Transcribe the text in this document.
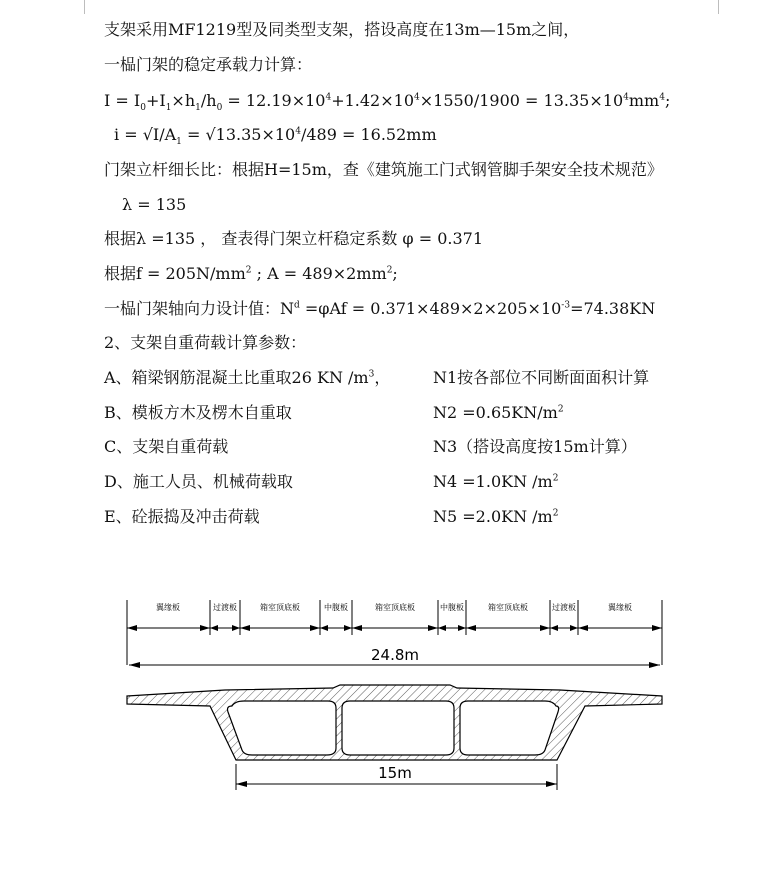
支架采用MF1219型及同类型支架，搭设高度在13m—15m之间，
一榀门架的稳定承载力计算：
$I = I_0+I_1\times h_1/h_0 = 12.19\times 10^4+1.42\times 10^4\times 1550/1900 = 13.35\times 10^4mm^4$;
$i = √I/A_1 = √13.35\times 10^4/489 = 16.52mm$
门架立杆细长比：根据H=15m，查《建筑施工门式钢管脚手架安全技术规范》
λ = 135
根据λ =135 ， 查表得门架立杆稳定系数 φ = 0.371
根据$f = 205N/mm^2$ ; $A = 489\times 2mm^2$;
一榀门架轴向力设计值：$N^d =\varphi Af = 0.371\times 489\times 2\times 205\times 10^{-3}=74.38KN$
2、支架自重荷载计算参数：
A、箱梁钢筋混凝土比重取26 KN $/m^3$，	N1按各部位不同断面面积计算
B、模板方木及楞木自重取	$N2 =0.65KN/m^2$
C、支架自重荷载	N3（搭设高度按15m计算）
D、施工人员、机械荷载取	N4 =1.0KN $/m^2$
E、砼振捣及冲击荷载	N5 =2.0KN $/m^2$
翼缘板	过渡板	箱室顶底板	中腹板	箱室顶底板	中腹板	箱室顶底板	过渡板	翼缘板
24.8m
15m
